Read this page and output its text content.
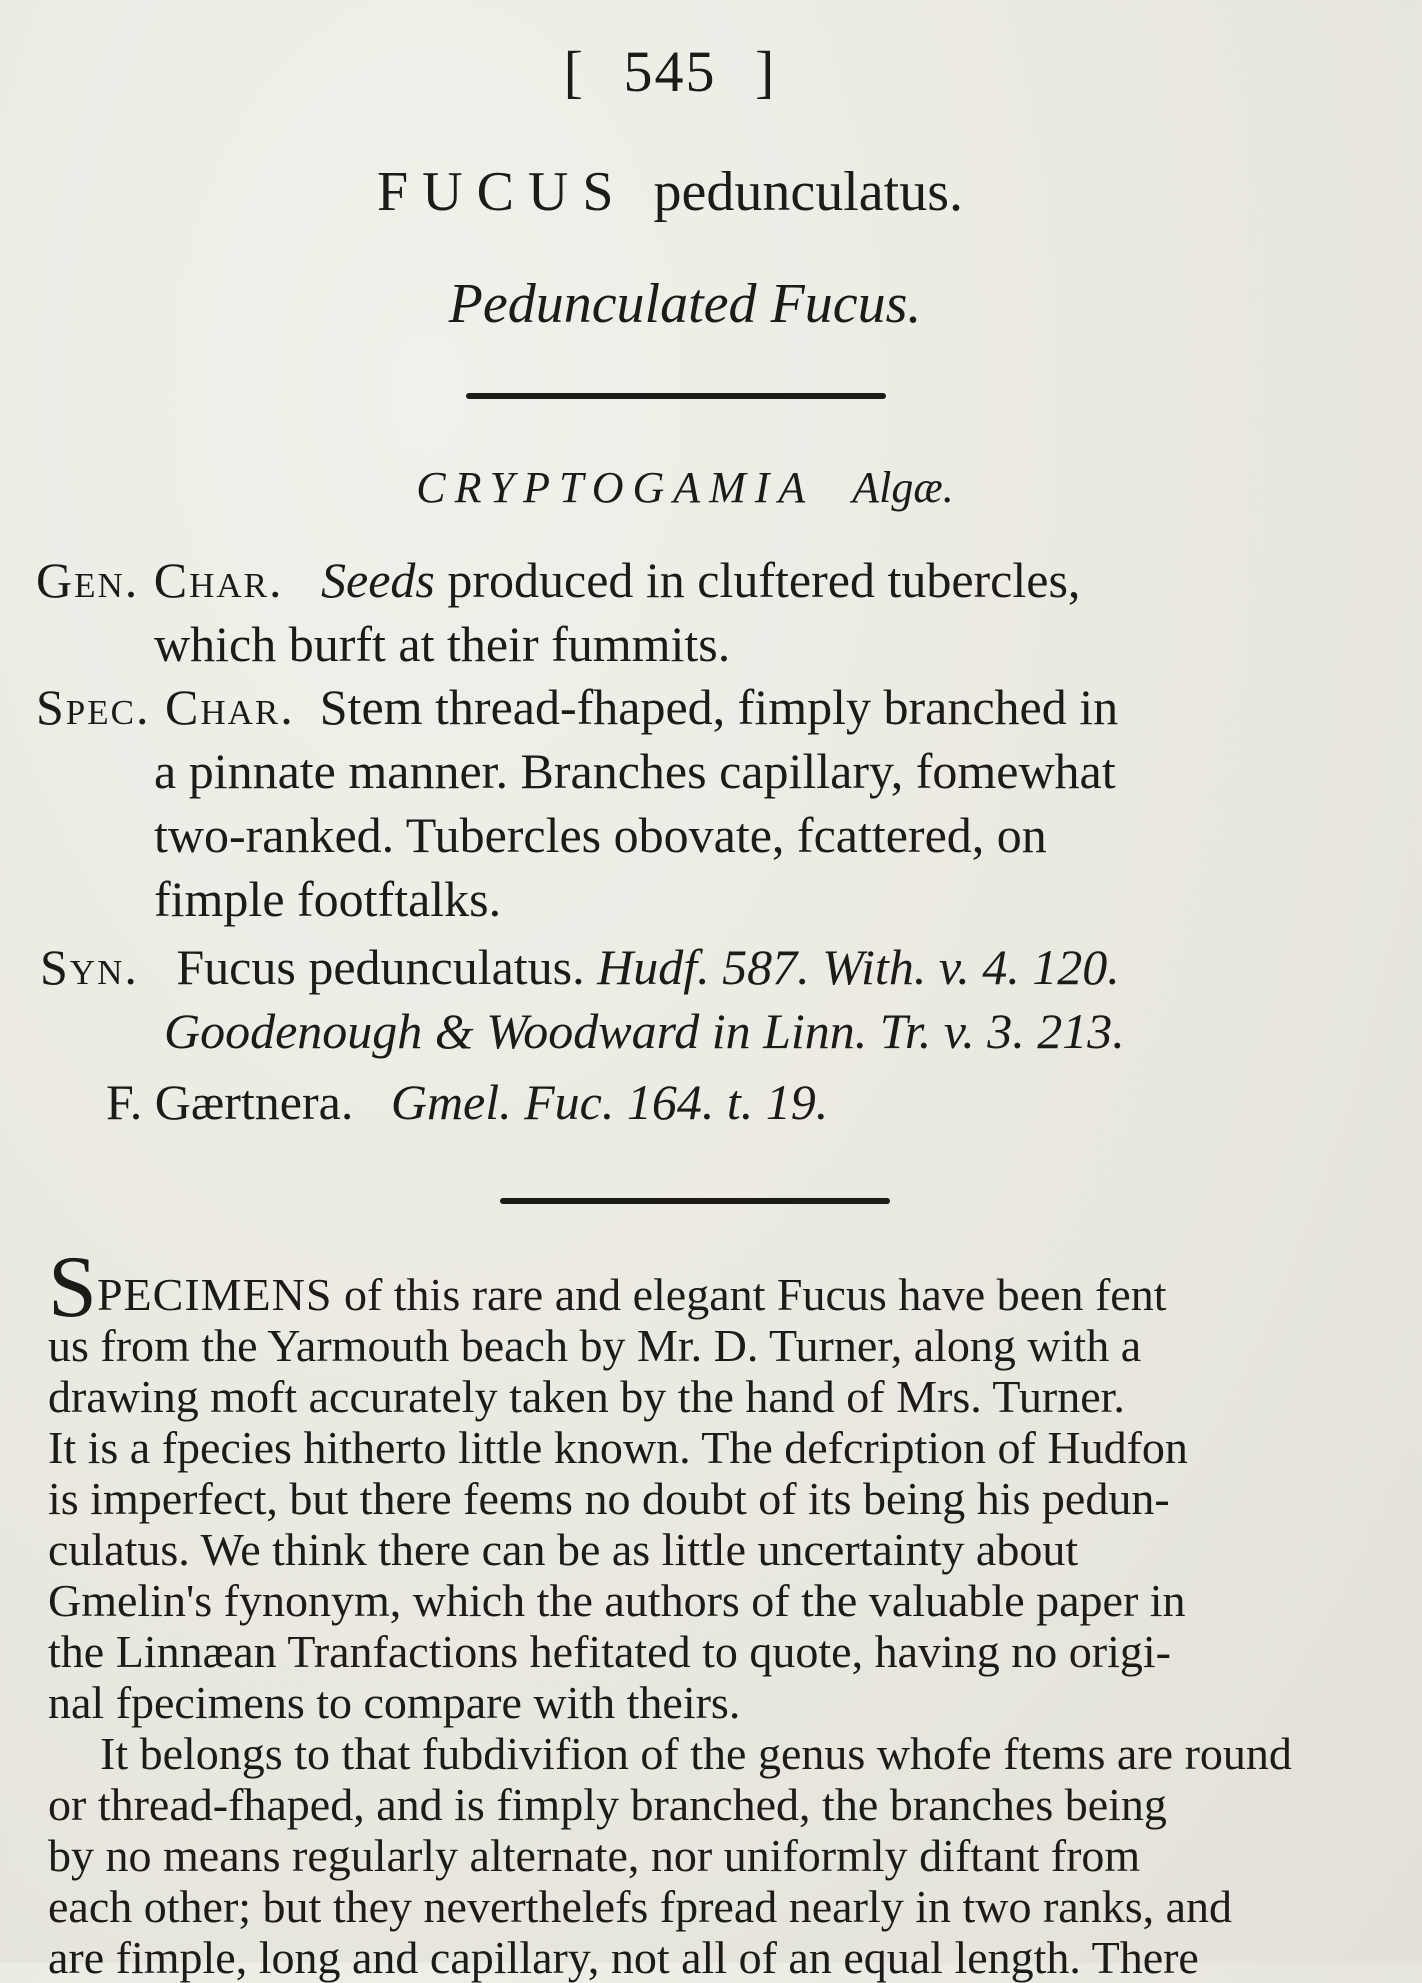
[ 545 ]
FUCUS pedunculatus.
Pedunculated Fucus.
CRYPTOGAMIA Algæ.
Gen. Char. Seeds produced in cluftered tubercles,
which burft at their fummits.
Spec. Char. Stem thread-fhaped, fimply branched in
a pinnate manner. Branches capillary, fomewhat
two-ranked. Tubercles obovate, fcattered, on
fimple footftalks.
Syn. Fucus pedunculatus. Hudf. 587. With. v. 4. 120.
Goodenough & Woodward in Linn. Tr. v. 3. 213.
F. Gærtnera. Gmel. Fuc. 164. t. 19.
SPECIMENS of this rare and elegant Fucus have been fent
us from the Yarmouth beach by Mr. D. Turner, along with a
drawing moft accurately taken by the hand of Mrs. Turner.
It is a fpecies hitherto little known. The defcription of Hudfon
is imperfect, but there feems no doubt of its being his pedun-
culatus. We think there can be as little uncertainty about
Gmelin's fynonym, which the authors of the valuable paper in
the Linnæan Tranfactions hefitated to quote, having no origi-
nal fpecimens to compare with theirs.
It belongs to that fubdivifion of the genus whofe ftems are round
or thread-fhaped, and is fimply branched, the branches being
by no means regularly alternate, nor uniformly diftant from
each other; but they neverthelefs fpread nearly in two ranks, and
are fimple, long and capillary, not all of an equal length. There
